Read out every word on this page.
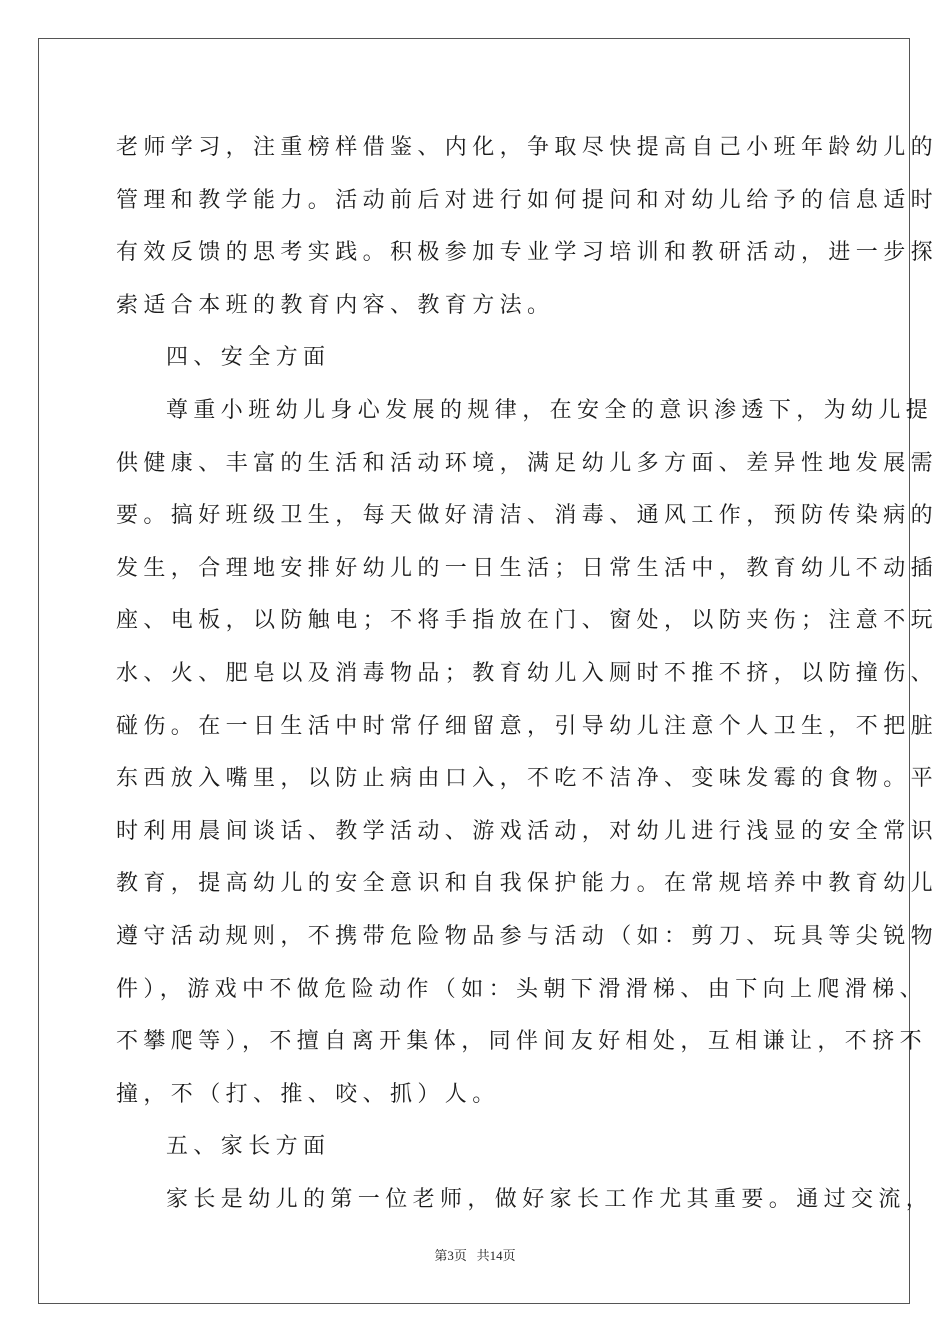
老师学习，注重榜样借鉴、内化，争取尽快提高自己小班年龄幼儿的
管理和教学能力。活动前后对进行如何提问和对幼儿给予的信息适时
有效反馈的思考实践。积极参加专业学习培训和教研活动，进一步探
索适合本班的教育内容、教育方法。
四、安全方面
尊重小班幼儿身心发展的规律，在安全的意识渗透下，为幼儿提
供健康、丰富的生活和活动环境，满足幼儿多方面、差异性地发展需
要。搞好班级卫生，每天做好清洁、消毒、通风工作，预防传染病的
发生，合理地安排好幼儿的一日生活；日常生活中，教育幼儿不动插
座、电板，以防触电；不将手指放在门、窗处，以防夹伤；注意不玩
水、火、肥皂以及消毒物品；教育幼儿入厕时不推不挤，以防撞伤、
碰伤。在一日生活中时常仔细留意，引导幼儿注意个人卫生，不把脏
东西放入嘴里，以防止病由口入，不吃不洁净、变味发霉的食物。平
时利用晨间谈话、教学活动、游戏活动，对幼儿进行浅显的安全常识
教育，提高幼儿的安全意识和自我保护能力。在常规培养中教育幼儿
遵守活动规则，不携带危险物品参与活动（如：剪刀、玩具等尖锐物
件），游戏中不做危险动作（如：头朝下滑滑梯、由下向上爬滑梯、
不攀爬等），不擅自离开集体，同伴间友好相处，互相谦让，不挤不
撞，不（打、推、咬、抓）人。
五、家长方面
家长是幼儿的第一位老师，做好家长工作尤其重要。通过交流，
第3页 共14页
